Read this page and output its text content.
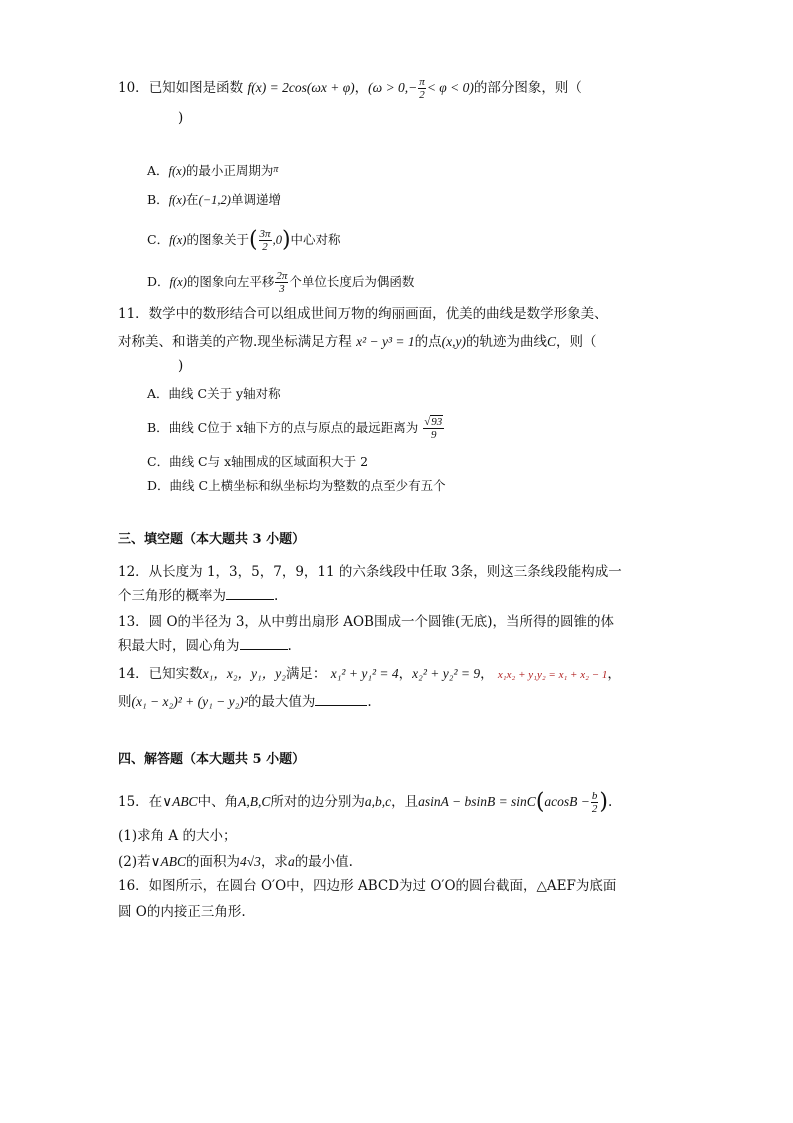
10．已知如图是函数 f(x) = 2cos(ωx + φ)，$(\omega > 0,- \frac{\pi}{2} < \varphi < 0)$的部分图象，则（
)
A．f(x)的最小正周期为$^\pi$
B．f(x)在(−1,2)单调递增
C．f(x)的图象关于( $\frac{3\pi}{2} ,0$)中心对称
D．f(x)的图象向左平移 $\frac{2\pi}{3}$ 个单位长度后为偶函数
11．数学中的数形结合可以组成世间万物的绚丽画面，优美的曲线是数学形象美、
对称美、和谐美的产物.现坐标满足方程 x² − y³ = 1的点(x,y)的轨迹为曲线C，则（
)
A．曲线 C关于 y轴对称
B．曲线 C位于 x轴下方的点与原点的最远距离为 $\frac{√93}{9}$
C．曲线 C与 x轴围成的区域面积大于 2
D．曲线 C上横坐标和纵坐标均为整数的点至少有五个
三、填空题（本大题共 3 小题）
12．从长度为 1，3，5，7，9，11 的六条线段中任取 3条，则这三条线段能构成一
个三角形的概率为	.
13．圆 O的半径为 3，从中剪出扇形 AOB围成一个圆锥(无底)，当所得的圆锥的体
积最大时，圆心角为	.
14．已知实数x₁，x₂，y₁，y₂满足： x₁² + y₁² = 4，x₂² + y₂² = 9， x₁x₂ + y₁y₂ = x₁ + x₂ − 1，
则(x₁ − x₂)² + (y₁ − y₂)²的最大值为	.
四、解答题（本大题共 5 小题）
15．在∨ABC中、角A,B,C所对的边分别为a,b,c，且$asinA - bsinB = \sin C(acosB - \frac{b}{2}$ ).
(1)求角 A 的大小；
(2)若∨ABC的面积为4√3，求a的最小值.
16．如图所示，在圆台 O′O中，四边形 ABCD为过 O′O的圆台截面，△AEF为底面
圆 O的内接正三角形.
